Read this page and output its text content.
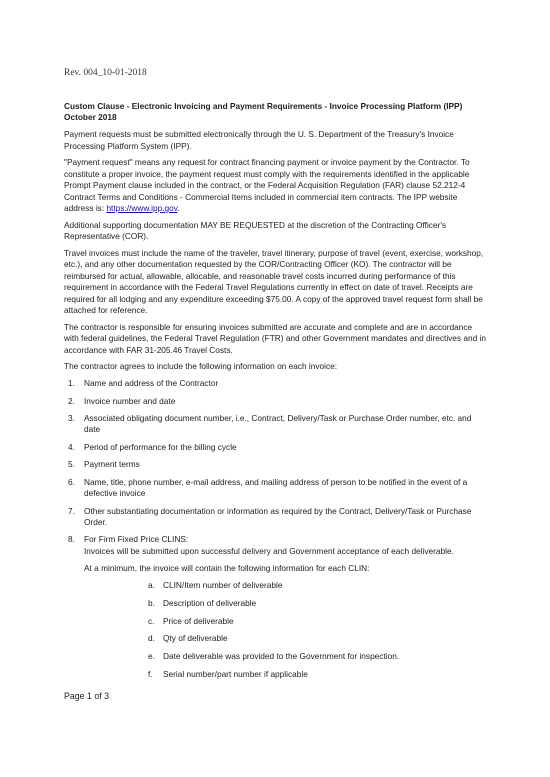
Rev. 004_10-01-2018

Custom Clause - Electronic Invoicing and Payment Requirements - Invoice Processing Platform (IPP)
October 2018

Payment requests must be submitted electronically through the U. S. Department of the Treasury's Invoice Processing Platform System (IPP).

"Payment request" means any request for contract financing payment or invoice payment by the Contractor. To constitute a proper invoice, the payment request must comply with the requirements identified in the applicable Prompt Payment clause included in the contract, or the Federal Acquisition Regulation (FAR) clause 52.212-4 Contract Terms and Conditions - Commercial Items included in commercial item contracts. The IPP website address is: https://www.ipp.gov.

Additional supporting documentation MAY BE REQUESTED at the discretion of the Contracting Officer's Representative (COR).

Travel invoices must include the name of the traveler, travel itinerary, purpose of travel (event, exercise, workshop, etc.), and any other documentation requested by the COR/Contracting Officer (KO). The contractor will be reimbursed for actual, allowable, allocable, and reasonable travel costs incurred during performance of this requirement in accordance with the Federal Travel Regulations currently in effect on date of travel. Receipts are required for all lodging and any expenditure exceeding $75.00. A copy of the approved travel request form shall be attached for reference.

The contractor is responsible for ensuring invoices submitted are accurate and complete and are in accordance with federal guidelines, the Federal Travel Regulation (FTR) and other Government mandates and directives and in accordance with FAR 31-205.46 Travel Costs.

The contractor agrees to include the following information on each invoice:

1. Name and address of the Contractor
2. Invoice number and date
3. Associated obligating document number, i.e., Contract, Delivery/Task or Purchase Order number, etc. and date
4. Period of performance for the billing cycle
5. Payment terms
6. Name, title, phone number, e-mail address, and mailing address of person to be notified in the event of a defective invoice
7. Other substantiating documentation or information as required by the Contract, Delivery/Task or Purchase Order.
8. For Firm Fixed Price CLINS:

Invoices will be submitted upon successful delivery and Government acceptance of each deliverable.

At a minimum, the invoice will contain the following information for each CLIN:

a. CLIN/Item number of deliverable
b. Description of deliverable
c. Price of deliverable
d. Qty of deliverable
e. Date deliverable was provided to the Government for inspection.
f. Serial number/part number if applicable
Page 1 of 3
